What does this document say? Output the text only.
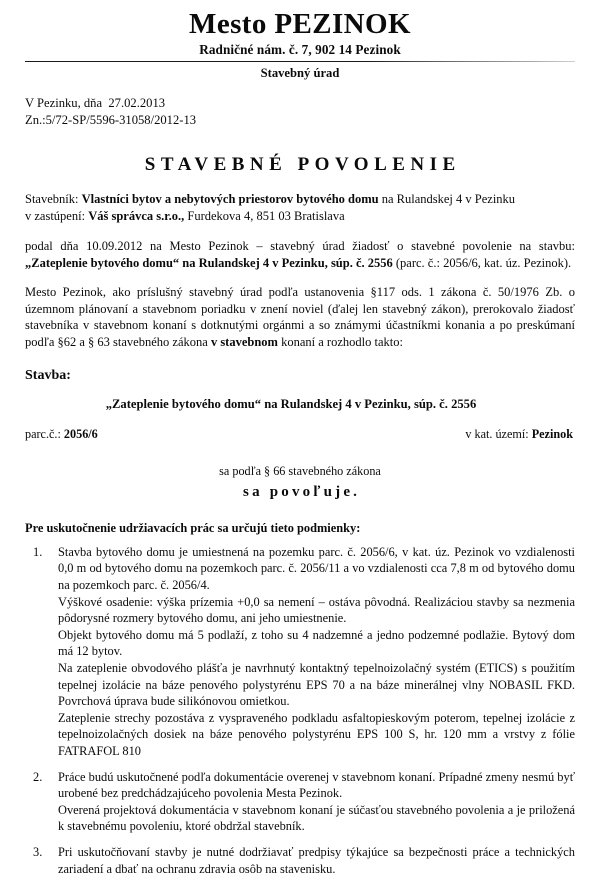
Mesto PEZINOK
Radničné nám. č. 7, 902 14 Pezinok
Stavebný úrad
V Pezinku, dňa  27.02.2013
Zn.:5/72-SP/5596-31058/2012-13
STAVEBNÉ POVOLENIE
Stavebník: Vlastníci bytov a nebytových priestorov bytového domu na Rulandskej 4 v Pezinku
v zastúpení: Váš správca s.r.o., Furdekova 4, 851 03 Bratislava
podal dňa 10.09.2012 na Mesto Pezinok – stavebný úrad žiadosť o stavebné povolenie na stavbu: „Zateplenie bytového domu“ na Rulandskej 4 v Pezinku, súp. č. 2556 (parc. č.: 2056/6, kat. úz. Pezinok).
Mesto Pezinok, ako príslušný stavebný úrad podľa ustanovenia §117 ods. 1 zákona č. 50/1976 Zb. o územnom plánovaní a stavebnom poriadku v znení noviel (ďalej len stavebný zákon), prerokovalo žiadosť stavebníka v stavebnom konaní s dotknutými orgánmi a so známymi účastníkmi konania a po preskúmaní podľa §62 a § 63 stavebného zákona v stavebnom konaní a rozhodlo takto:
Stavba:
„Zateplenie bytového domu“ na Rulandskej 4 v Pezinku, súp. č. 2556
parc.č.: 2056/6	v kat. území: Pezinok
sa podľa § 66 stavebného zákona
sa povoľuje.
Pre uskutočnenie udržiavacích prác sa určujú tieto podmienky:
1.	Stavba bytového domu je umiestnená na pozemku parc. č. 2056/6, v kat. úz. Pezinok vo vzdialenosti 0,0 m od bytového domu na pozemkoch parc. č. 2056/11 a vo vzdialenosti cca 7,8 m od bytového domu na pozemkoch parc. č. 2056/4.
Výškové osadenie: výška prízemia +0,0 sa nemení – ostáva pôvodná. Realizáciou stavby sa nezmenia pôdorysné rozmery bytového domu, ani jeho umiestnenie.
Objekt bytového domu má 5 podlaží, z toho su 4 nadzemné a jedno podzemné podlažie. Bytový dom má 12 bytov.
Na zateplenie obvodového plášťa je navrhnutý kontaktný tepelnoizolačný systém (ETICS) s použitím tepelnej izolácie na báze penového polystyrénu EPS 70 a na báze minerálnej vlny NOBASIL FKD. Povrchová úprava bude silikónovou omietkou.
Zateplenie strechy pozostáva z vyspraveného podkladu asfaltopieskovým poterom, tepelnej izolácie z tepelnoizolačných dosiek na báze penového polystyrénu EPS 100 S, hr. 120 mm a vrstvy z fólie FATRAFOL 810
2.	Práce budú uskutočnené podľa dokumentácie overenej v stavebnom konaní. Prípadné zmeny nesmú byť urobené bez predchádzajúceho povolenia Mesta Pezinok.
Overená projektová dokumentácia v stavebnom konaní je súčasťou stavebného povolenia a je priložená k stavebnému povoleniu, ktoré obdržal stavebník.
3.	Pri uskutočňovaní stavby je nutné dodržiavať predpisy týkajúce sa bezpečnosti práce a technických zariadení a dbať na ochranu zdravia osôb na stavenisku.
